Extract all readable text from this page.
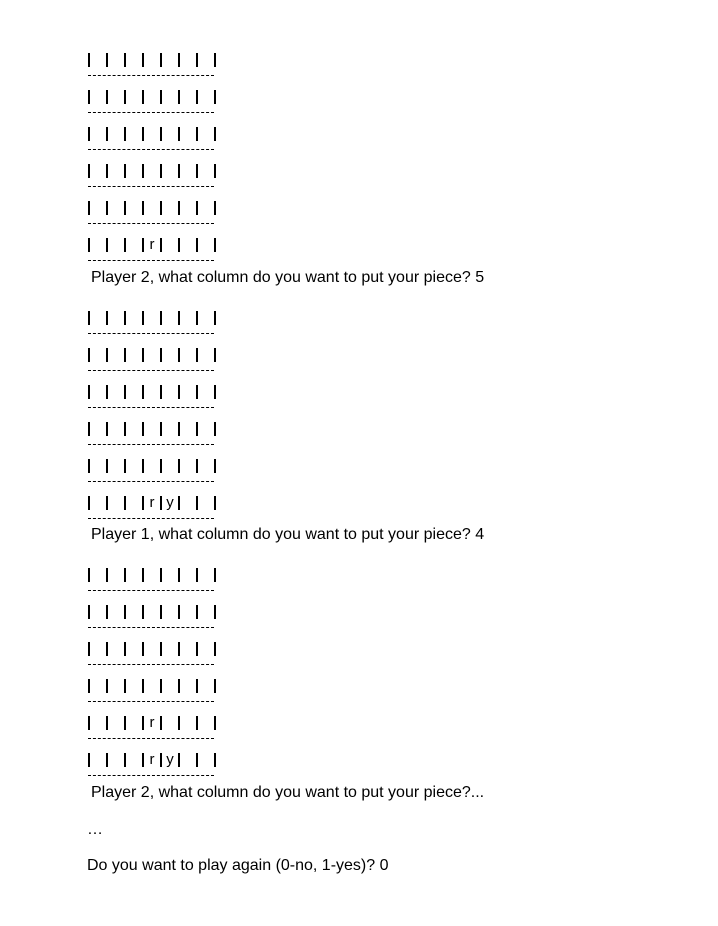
r
Player 2, what column do you want to put your piece? 5
r y
Player 1, what column do you want to put your piece? 4
r
r y
Player 2, what column do you want to put your piece?...
…
Do you want to play again (0-no, 1-yes)? 0
